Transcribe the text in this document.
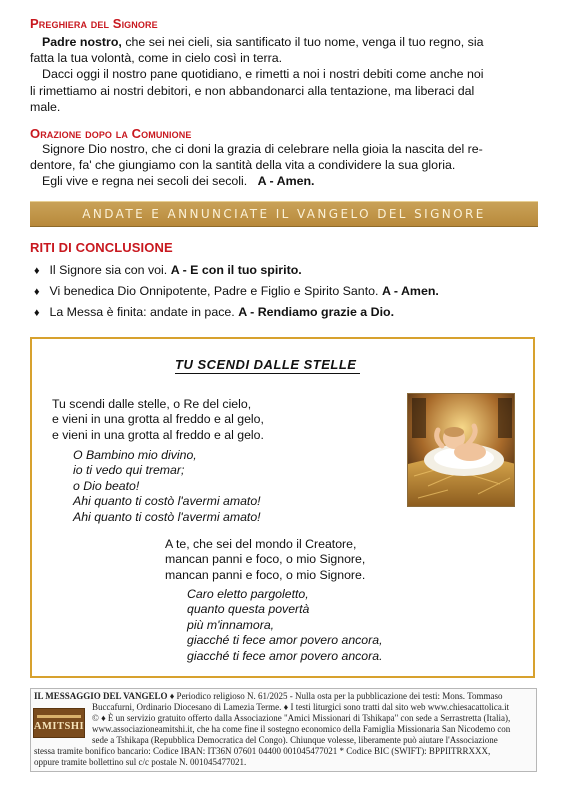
Preghiera del Signore
Padre nostro, che sei nei cieli, sia santificato il tuo nome, venga il tuo regno, sia
fatta la tua volontà, come in cielo così in terra.
Dacci oggi il nostro pane quotidiano, e rimetti a noi i nostri debiti come anche noi
li rimettiamo ai nostri debitori, e non abbandonarci alla tentazione, ma liberaci dal
male.
Orazione dopo la Comunione
Signore Dio nostro, che ci doni la grazia di celebrare nella gioia la nascita del re-
dentore, fa' che giungiamo con la santità della vita a condividere la sua gloria.
Egli vive e regna nei secoli dei secoli. A - Amen.
ANDATE E ANNUNCIATE IL VANGELO DEL SIGNORE
RITI DI CONCLUSIONE
♦ Il Signore sia con voi. A - E con il tuo spirito.
♦ Vi benedica Dio Onnipotente, Padre e Figlio e Spirito Santo. A - Amen.
♦ La Messa è finita: andate in pace. A - Rendiamo grazie a Dio.
TU SCENDI DALLE STELLE
Tu scendi dalle stelle, o Re del cielo,
e vieni in una grotta al freddo e al gelo,
e vieni in una grotta al freddo e al gelo.
O Bambino mio divino,
io ti vedo qui tremar;
o Dio beato!
Ahi quanto ti costò l'avermi amato!
Ahi quanto ti costò l'avermi amato!
A te, che sei del mondo il Creatore,
mancan panni e foco, o mio Signore,
mancan panni e foco, o mio Signore.
Caro eletto pargoletto,
quanto questa povertà
più m'innamora,
giacché ti fece amor povero ancora,
giacché ti fece amor povero ancora.
AMITSHI
IL MESSAGGIO DEL VANGELO ♦ Periodico religioso N. 61/2025 - Nulla osta per la pubblicazione dei testi: Mons. Tommaso
Buccafurni, Ordinario Diocesano di Lamezia Terme. ♦ I testi liturgici sono tratti dal sito web www.chiesacattolica.it
© ♦ È un servizio gratuito offerto dalla Associazione "Amici Missionari di Tshikapa" con sede a Serrastretta (Italia),
www.associazioneamitshi.it, che ha come fine il sostegno economico della Famiglia Missionaria San Nicodemo con
sede a Tshikapa (Repubblica Democratica del Congo). Chiunque volesse, liberamente può aiutare l'Associazione
stessa tramite bonifico bancario: Codice IBAN: IT36N 07601 04400 001045477021 * Codice BIC (SWIFT): BPPIITRRXXX,
oppure tramite bollettino sul c/c postale N. 001045477021.
